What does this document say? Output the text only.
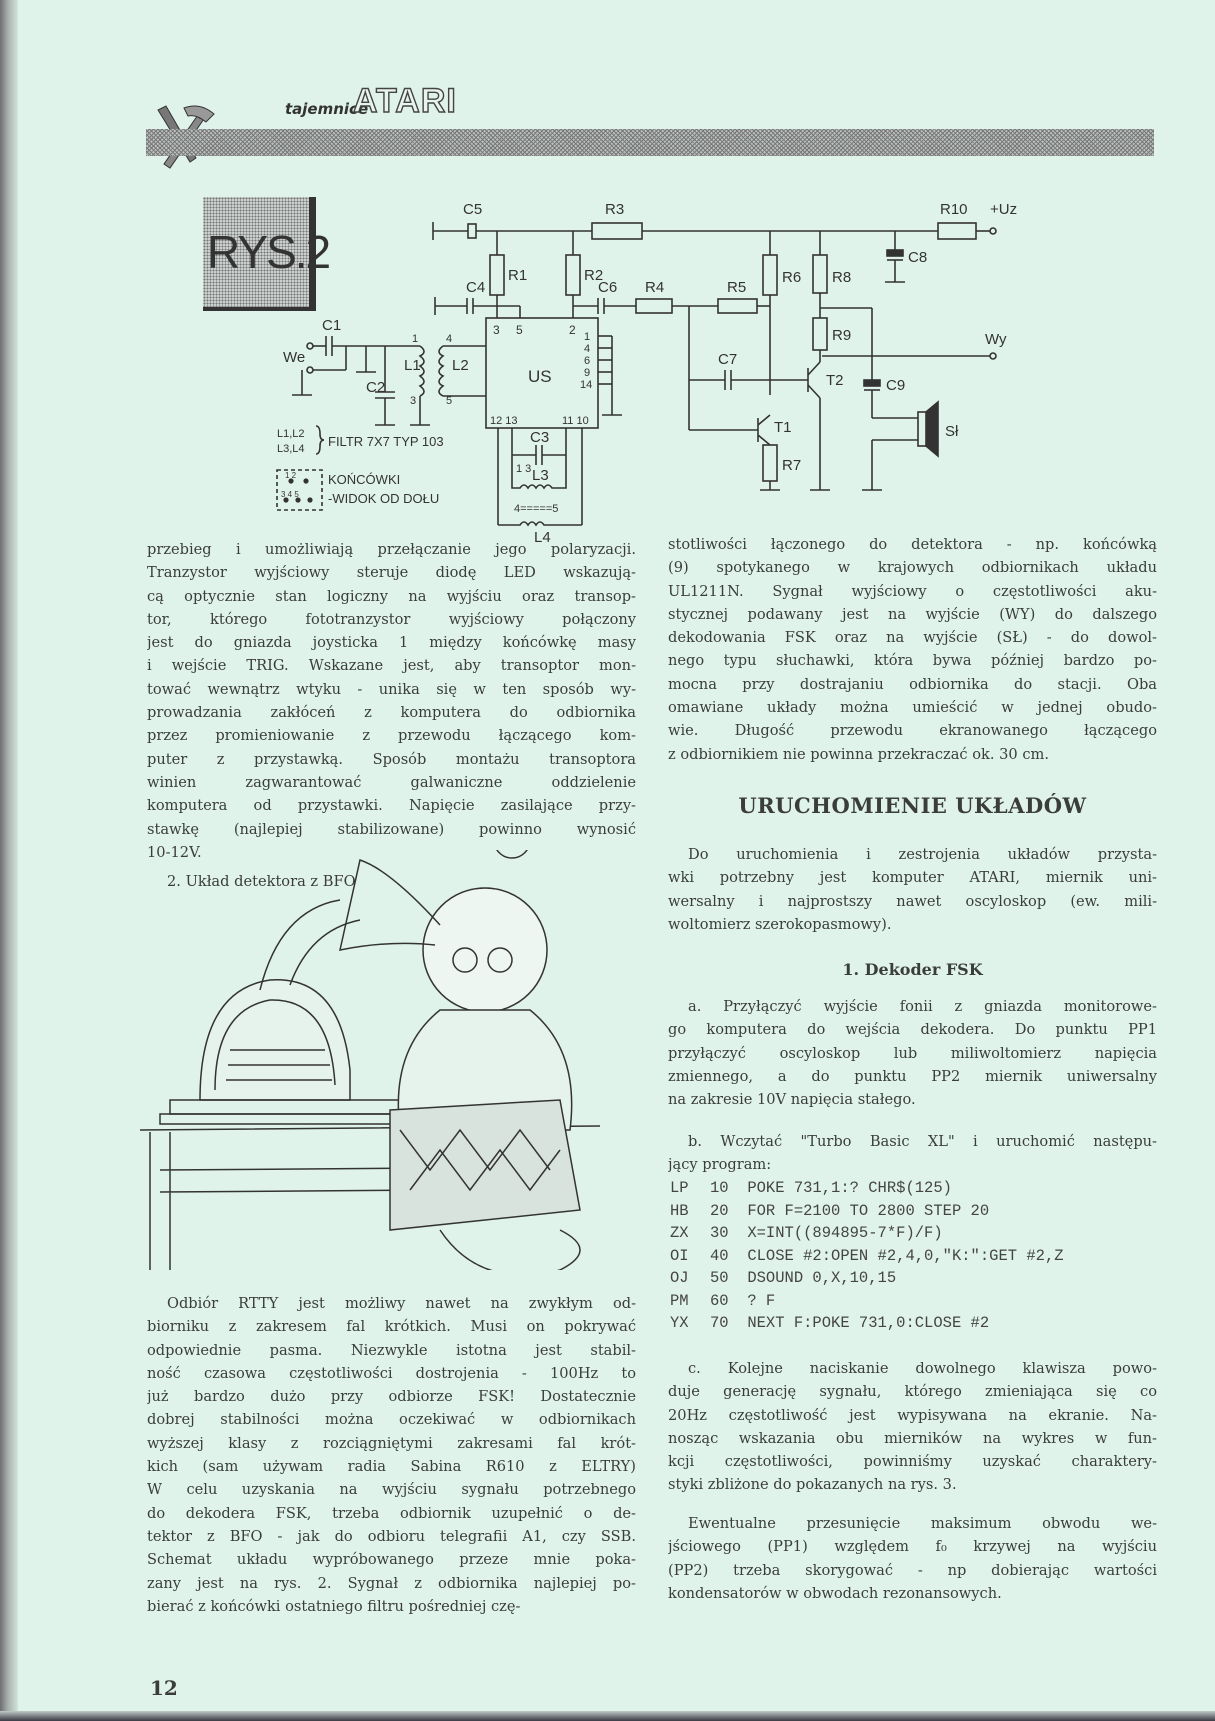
tajemnice
ATARI
RYS.2
C5	R3	R10 +Uz
C8
R1	R2
C4	C6 R4	R5
R6 R8
R9
C7
T1
T2
R7
C9
Wy
Sł
C1
We
C2
L1 L2
US
C3
L3
L4
3 5	2 1
4
6
9
14
12 13	11 10
1
3
4
5
1 3
4=====5
L1,L2
L3,L4 FILTR 7X7 TYP 103
1 2
3 4 5
KOŃCÓWKI
-WIDOK OD DOŁU
przebieg i umożliwiają przełączanie jego polaryzacji.
Tranzystor wyjściowy steruje diodę LED wskazują-
cą optycznie stan logiczny na wyjściu oraz transop-
tor, którego fototranzystor wyjściowy połączony
jest do gniazda joysticka 1 między końcówkę masy
i wejście TRIG. Wskazane jest, aby transoptor mon-
tować wewnątrz wtyku - unika się w ten sposób wy-
prowadzania zakłóceń z komputera do odbiornika
przez promieniowanie z przewodu łączącego kom-
puter z przystawką. Sposób montażu transoptora
winien zagwarantować galwaniczne oddzielenie
komputera od przystawki. Napięcie zasilające przy-
stawkę (najlepiej stabilizowane) powinno wynosić
10-12V.
2. Układ detektora z BFO
Odbiór RTTY jest możliwy nawet na zwykłym od-
biorniku z zakresem fal krótkich. Musi on pokrywać
odpowiednie pasma. Niezwykle istotna jest stabil-
ność czasowa częstotliwości dostrojenia - 100Hz to
już bardzo dużo przy odbiorze FSK! Dostatecznie
dobrej stabilności można oczekiwać w odbiornikach
wyższej klasy z rozciągniętymi zakresami fal krót-
kich (sam używam radia Sabina R610 z ELTRY)
W celu uzyskania na wyjściu sygnału potrzebnego
do dekodera FSK, trzeba odbiornik uzupełnić o de-
tektor z BFO - jak do odbioru telegrafii A1, czy SSB.
Schemat układu wypróbowanego przeze mnie poka-
zany jest na rys. 2. Sygnał z odbiornika najlepiej po-
bierać z końcówki ostatniego filtru pośredniej czę-
stotliwości łączonego do detektora - np. końcówką
(9) spotykanego w krajowych odbiornikach układu
UL1211N. Sygnał wyjściowy o częstotliwości aku-
stycznej podawany jest na wyjście (WY) do dalszego
dekodowania FSK oraz na wyjście (SŁ) - do dowol-
nego typu słuchawki, która bywa później bardzo po-
mocna przy dostrajaniu odbiornika do stacji. Oba
omawiane układy można umieścić w jednej obudo-
wie. Długość przewodu ekranowanego łączącego
z odbiornikiem nie powinna przekraczać ok. 30 cm.
URUCHOMIENIE UKŁADÓW
Do uruchomienia i zestrojenia układów przysta-
wki potrzebny jest komputer ATARI, miernik uni-
wersalny i najprostszy nawet oscyloskop (ew. mili-
woltomierz szerokopasmowy).
1. Dekoder FSK
a. Przyłączyć wyjście fonii z gniazda monitorowe-
go komputera do wejścia dekodera. Do punktu PP1
przyłączyć oscyloskop lub miliwoltomierz napięcia
zmiennego, a do punktu PP2 miernik uniwersalny
na zakresie 10V napięcia stałego.
b. Wczytać "Turbo Basic XL" i uruchomić następu-
jący program:
LP 10 POKE 731,1:? CHR$(125)
HB 20 FOR F=2100 TO 2800 STEP 20
ZX 30 X=INT((894895-7*F)/F)
OI 40 CLOSE #2:OPEN #2,4,0,"K:":GET #2,Z
OJ 50 DSOUND 0,X,10,15
PM 60 ? F
YX 70 NEXT F:POKE 731,0:CLOSE #2
c. Kolejne naciskanie dowolnego klawisza powo-
duje generację sygnału, którego zmieniająca się co
20Hz częstotliwość jest wypisywana na ekranie. Na-
nosząc wskazania obu mierników na wykres w fun-
kcji częstotliwości, powinniśmy uzyskać charaktery-
styki zbliżone do pokazanych na rys. 3.
Ewentualne przesunięcie maksimum obwodu we-
jściowego (PP1) względem f₀ krzywej na wyjściu
(PP2) trzeba skorygować - np dobierając wartości
kondensatorów w obwodach rezonansowych.
12
